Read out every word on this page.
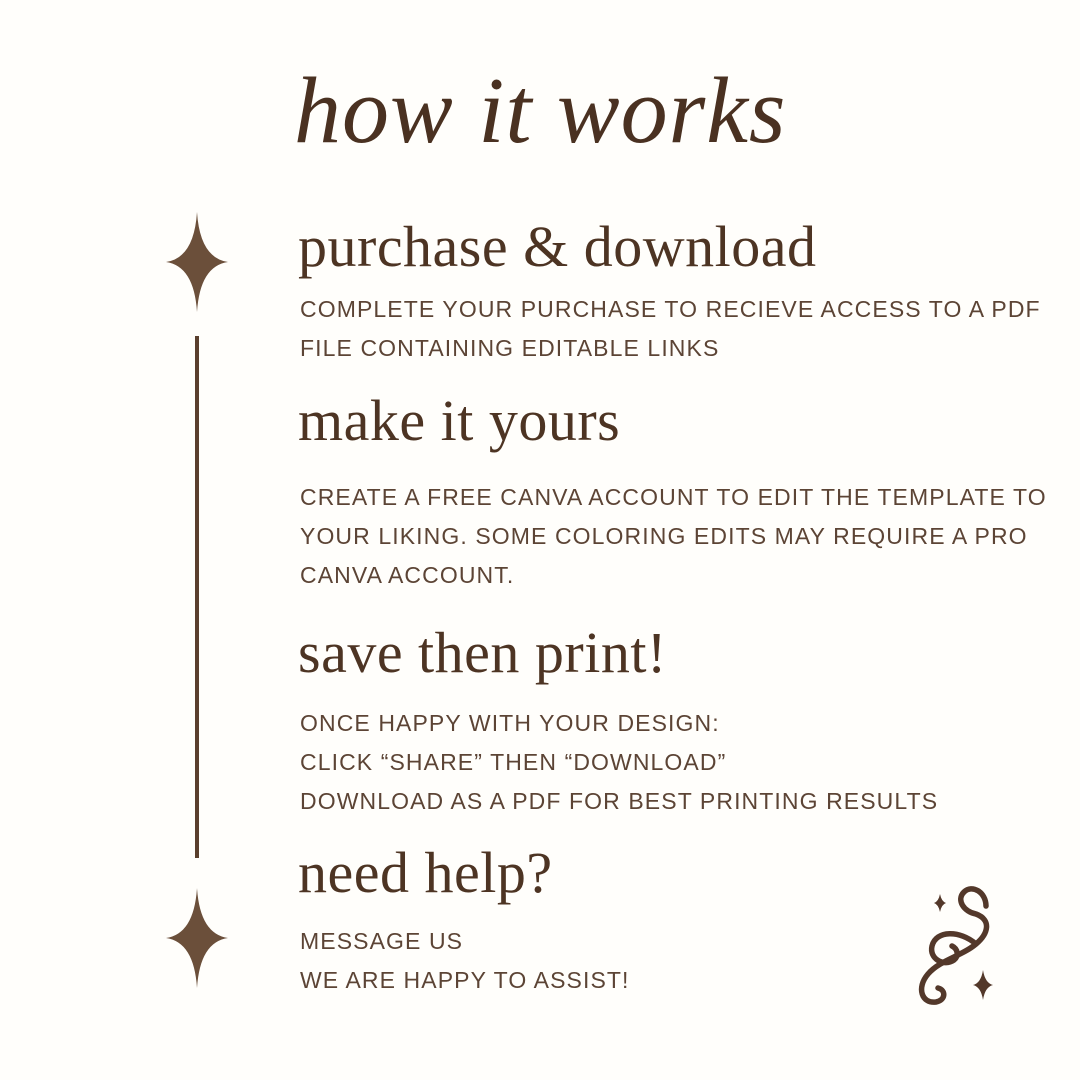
how it works
purchase & download

COMPLETE YOUR PURCHASE TO RECIEVE ACCESS TO A PDF

FILE CONTAINING EDITABLE LINKS

make it yours

CREATE A FREE CANVA ACCOUNT TO EDIT THE TEMPLATE TO

YOUR LIKING. SOME COLORING EDITS MAY REQUIRE A PRO

CANVA ACCOUNT.

save then print!

ONCE HAPPY WITH YOUR DESIGN:

CLICK “SHARE” THEN “DOWNLOAD”

DOWNLOAD AS A PDF FOR BEST PRINTING RESULTS

need help?

MESSAGE US

WE ARE HAPPY TO ASSIST!
